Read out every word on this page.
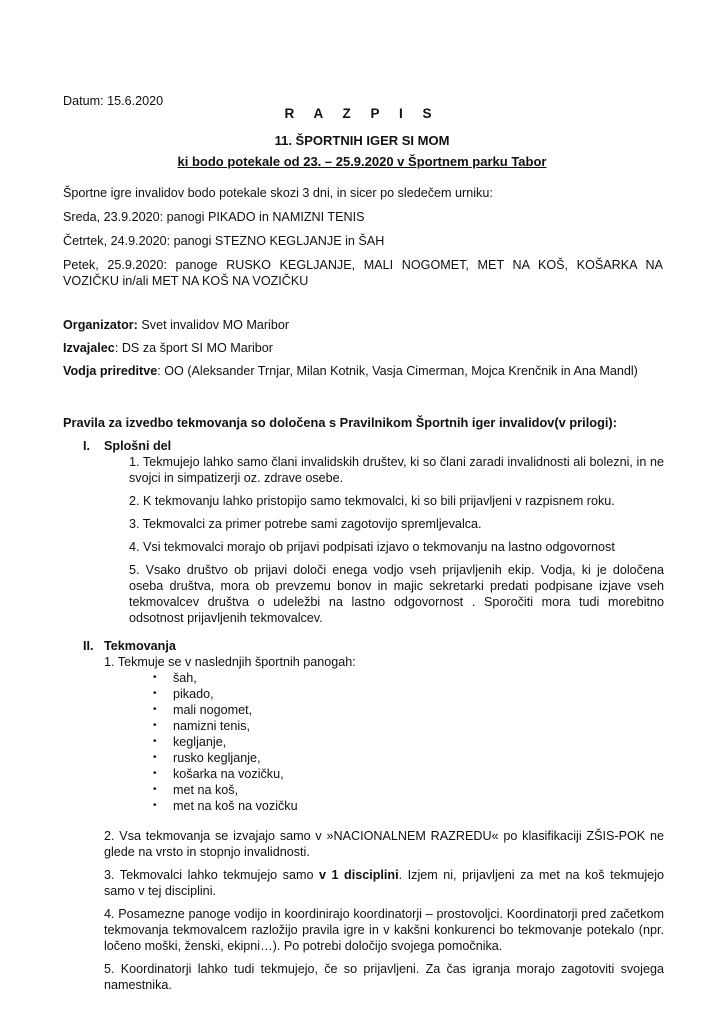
Datum: 15.6.2020
R A Z P I S
11. ŠPORTNIH IGER SI MOM
ki bodo potekale od 23. – 25.9.2020 v Športnem parku Tabor
Športne igre invalidov bodo potekale skozi 3 dni, in sicer po sledečem urniku:
Sreda, 23.9.2020: panogi PIKADO in NAMIZNI TENIS
Četrtek, 24.9.2020: panogi STEZNO KEGLJANJE in ŠAH
Petek, 25.9.2020: panoge RUSKO KEGLJANJE, MALI NOGOMET, MET NA KOŠ, KOŠARKA NA VOZIČKU in/ali MET NA KOŠ NA VOZIČKU
Organizator: Svet invalidov MO Maribor
Izvajalec: DS za šport SI MO Maribor
Vodja prireditve: OO (Aleksander Trnjar, Milan Kotnik, Vasja Cimerman, Mojca Krenčnik in Ana Mandl)
Pravila za izvedbo tekmovanja so določena s Pravilnikom Športnih iger invalidov(v prilogi):
I. Splošni del
1. Tekmujejo lahko samo člani invalidskih društev, ki so člani zaradi invalidnosti ali bolezni, in ne svojci in simpatizerji oz. zdrave osebe.
2. K tekmovanju lahko pristopijo samo tekmovalci, ki so bili prijavljeni v razpisnem roku.
3. Tekmovalci za primer potrebe sami zagotovijo spremljevalca.
4. Vsi tekmovalci morajo ob prijavi podpisati izjavo o tekmovanju na lastno odgovornost
5. Vsako društvo ob prijavi določi enega vodjo vseh prijavljenih ekip. Vodja, ki je določena oseba društva, mora ob prevzemu bonov in majic sekretarki predati podpisane izjave vseh tekmovalcev društva o udeležbi na lastno odgovornost . Sporočiti mora tudi morebitno odsotnost prijavljenih tekmovalcev.
II. Tekmovanja
1. Tekmuje se v naslednjih športnih panogah:
• šah,
• pikado,
• mali nogomet,
• namizni tenis,
• kegljanje,
• rusko kegljanje,
• košarka na vozičku,
• met na koš,
• met na koš na vozičku
2. Vsa tekmovanja se izvajajo samo v »NACIONALNEM RAZREDU« po klasifikaciji ZŠIS-POK ne glede na vrsto in stopnjo invalidnosti.
3. Tekmovalci lahko tekmujejo samo v 1 disciplini. Izjem ni, prijavljeni za met na koš tekmujejo samo v tej disciplini.
4. Posamezne panoge vodijo in koordinirajo koordinatorji – prostovoljci. Koordinatorji pred začetkom tekmovanja tekmovalcem razložijo pravila igre in v kakšni konkurenci bo tekmovanje potekalo (npr. ločeno moški, ženski, ekipni…). Po potrebi določijo svojega pomočnika.
5. Koordinatorji lahko tudi tekmujejo, če so prijavljeni. Za čas igranja morajo zagotoviti svojega namestnika.
